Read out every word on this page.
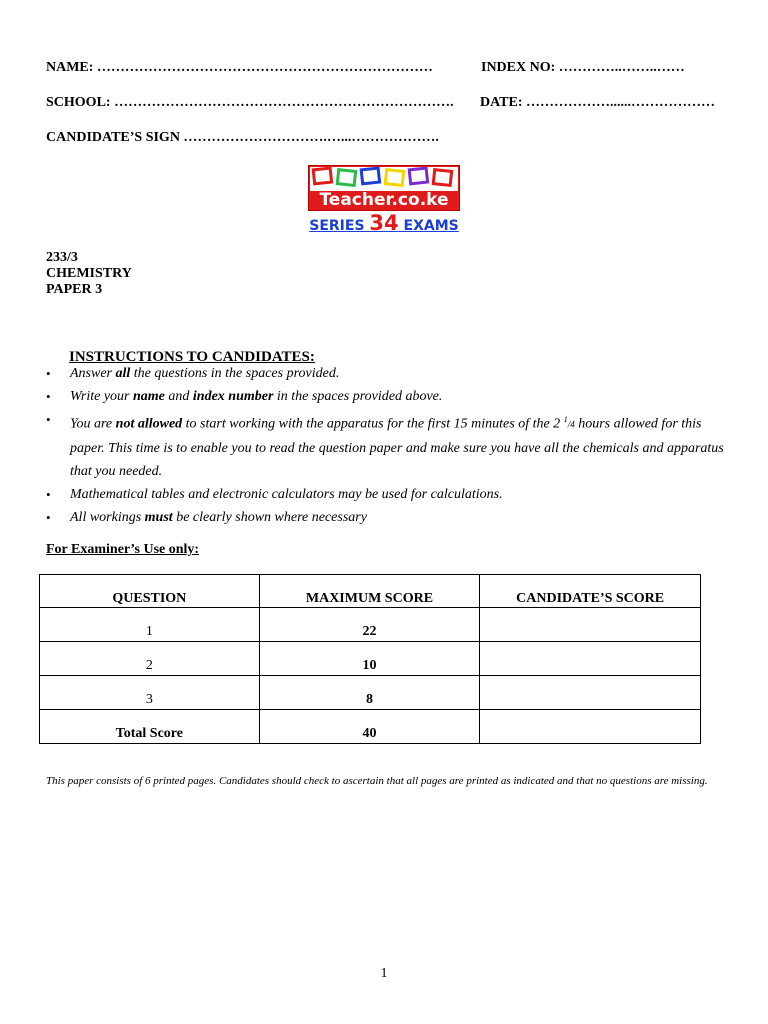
NAME: ………………………………………………………………	INDEX NO: …………..……..……
SCHOOL: ………………………………………………………………. DATE: ………………......………………
CANDIDATE’S SIGN ………………………….…...……………….
Teacher.co.ke
SERIES 34 EXAMS
233/3
CHEMISTRY
PAPER 3
INSTRUCTIONS TO CANDIDATES:
• Answer all the questions in the spaces provided.
• Write your name and index number in the spaces provided above.
• You are not allowed to start working with the apparatus for the first 15 minutes of the 2 $^1$/4 hours allowed for this paper. This time is to enable you to read the question paper and make sure you have all the chemicals and apparatus that you needed.
• Mathematical tables and electronic calculators may be used for calculations.
• All workings must be clearly shown where necessary
For Examiner’s Use only:
QUESTION	MAXIMUM SCORE	CANDIDATE’S SCORE
1	22	
2	10	
3	8	
Total Score	40	
This paper consists of 6 printed pages. Candidates should check to ascertain that all pages are printed as indicated and that no questions are missing.
1
